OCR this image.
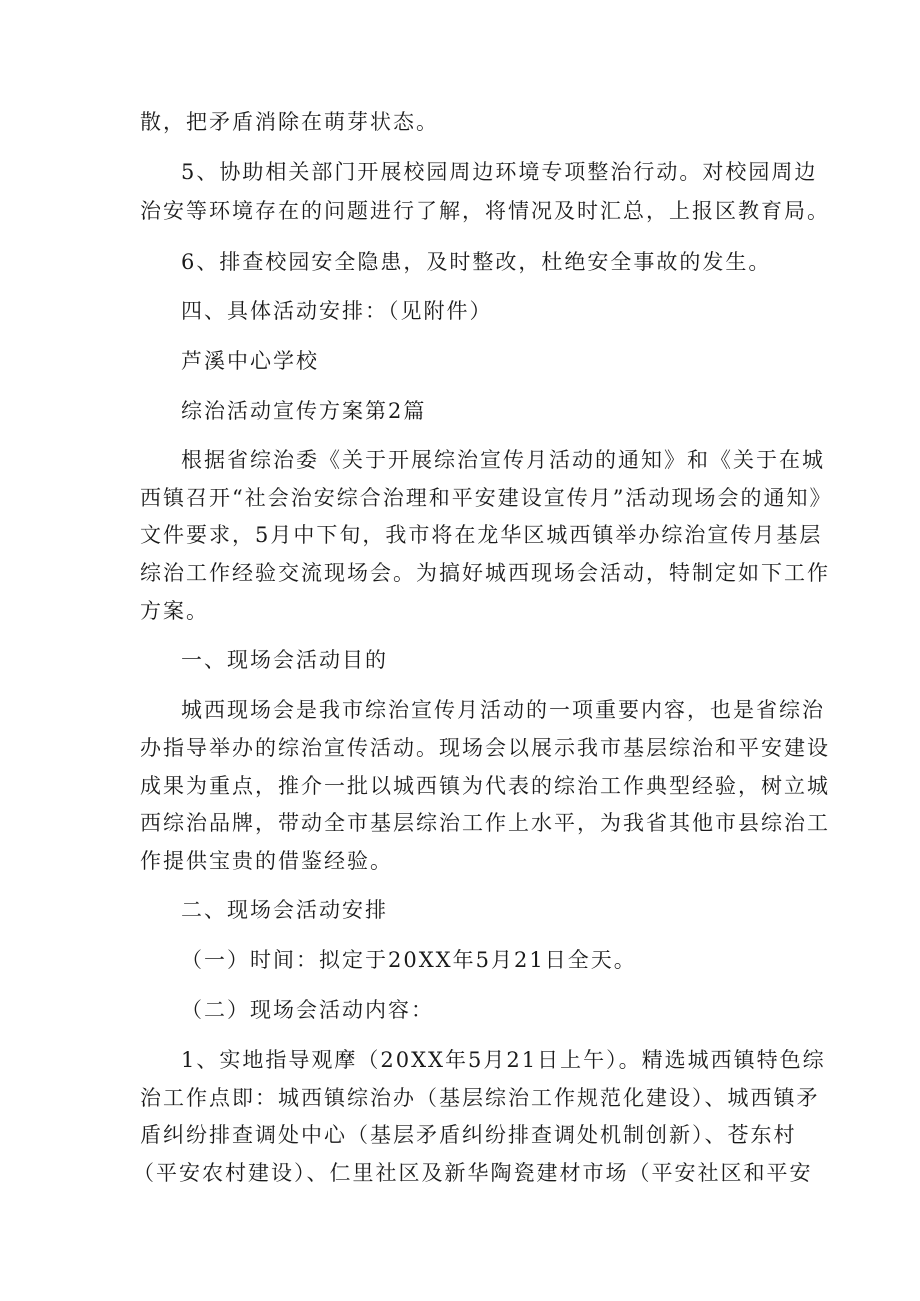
散，把矛盾消除在萌芽状态。

5、协助相关部门开展校园周边环境专项整治行动。对校园周边

治安等环境存在的问题进行了解，将情况及时汇总，上报区教育局。

6、排查校园安全隐患，及时整改，杜绝安全事故的发生。

四、具体活动安排：（见附件）

芦溪中心学校

综治活动宣传方案第2篇

根据省综治委《关于开展综治宣传月活动的通知》和《关于在城

西镇召开“社会治安综合治理和平安建设宣传月”活动现场会的通知》

文件要求，5月中下旬，我市将在龙华区城西镇举办综治宣传月基层

综治工作经验交流现场会。为搞好城西现场会活动，特制定如下工作

方案。

一、现场会活动目的

城西现场会是我市综治宣传月活动的一项重要内容，也是省综治

办指导举办的综治宣传活动。现场会以展示我市基层综治和平安建设

成果为重点，推介一批以城西镇为代表的综治工作典型经验，树立城

西综治品牌，带动全市基层综治工作上水平，为我省其他市县综治工

作提供宝贵的借鉴经验。

二、现场会活动安排

（一）时间：拟定于20XX年5月21日全天。

（二）现场会活动内容：

1、实地指导观摩（20XX年5月21日上午）。精选城西镇特色综

治工作点即：城西镇综治办（基层综治工作规范化建设）、城西镇矛

盾纠纷排查调处中心（基层矛盾纠纷排查调处机制创新）、苍东村

（平安农村建设）、仁里社区及新华陶瓷建材市场（平安社区和平安
